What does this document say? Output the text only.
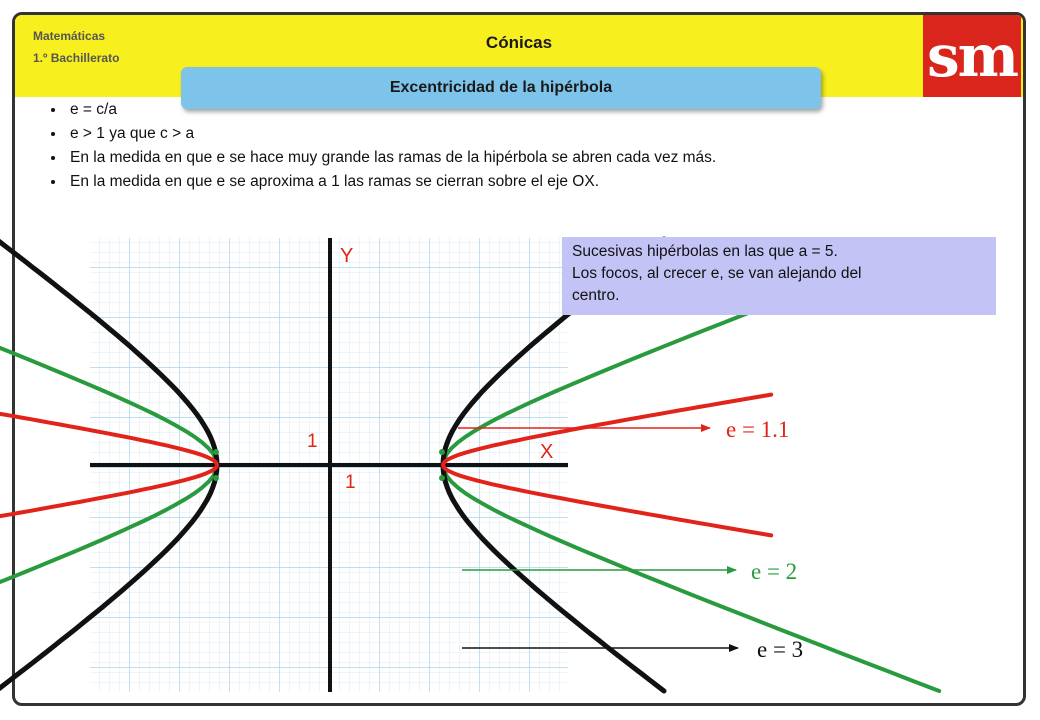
Matemáticas
1.º Bachillerato
Cónicas	sm
Excentricidad de la hipérbola
• e = c/a
• e > 1 ya que c > a
• En la medida en que e se hace muy grande las ramas de la hipérbola se abren cada vez más.
• En la medida en que e se aproxima a 1 las ramas se cierran sobre el eje OX.
Y
X
1
1
e = 1.1
e = 2
e = 3
Sucesivas hipérbolas en las que a = 5.
Los focos, al crecer e, se van alejando del
centro.
